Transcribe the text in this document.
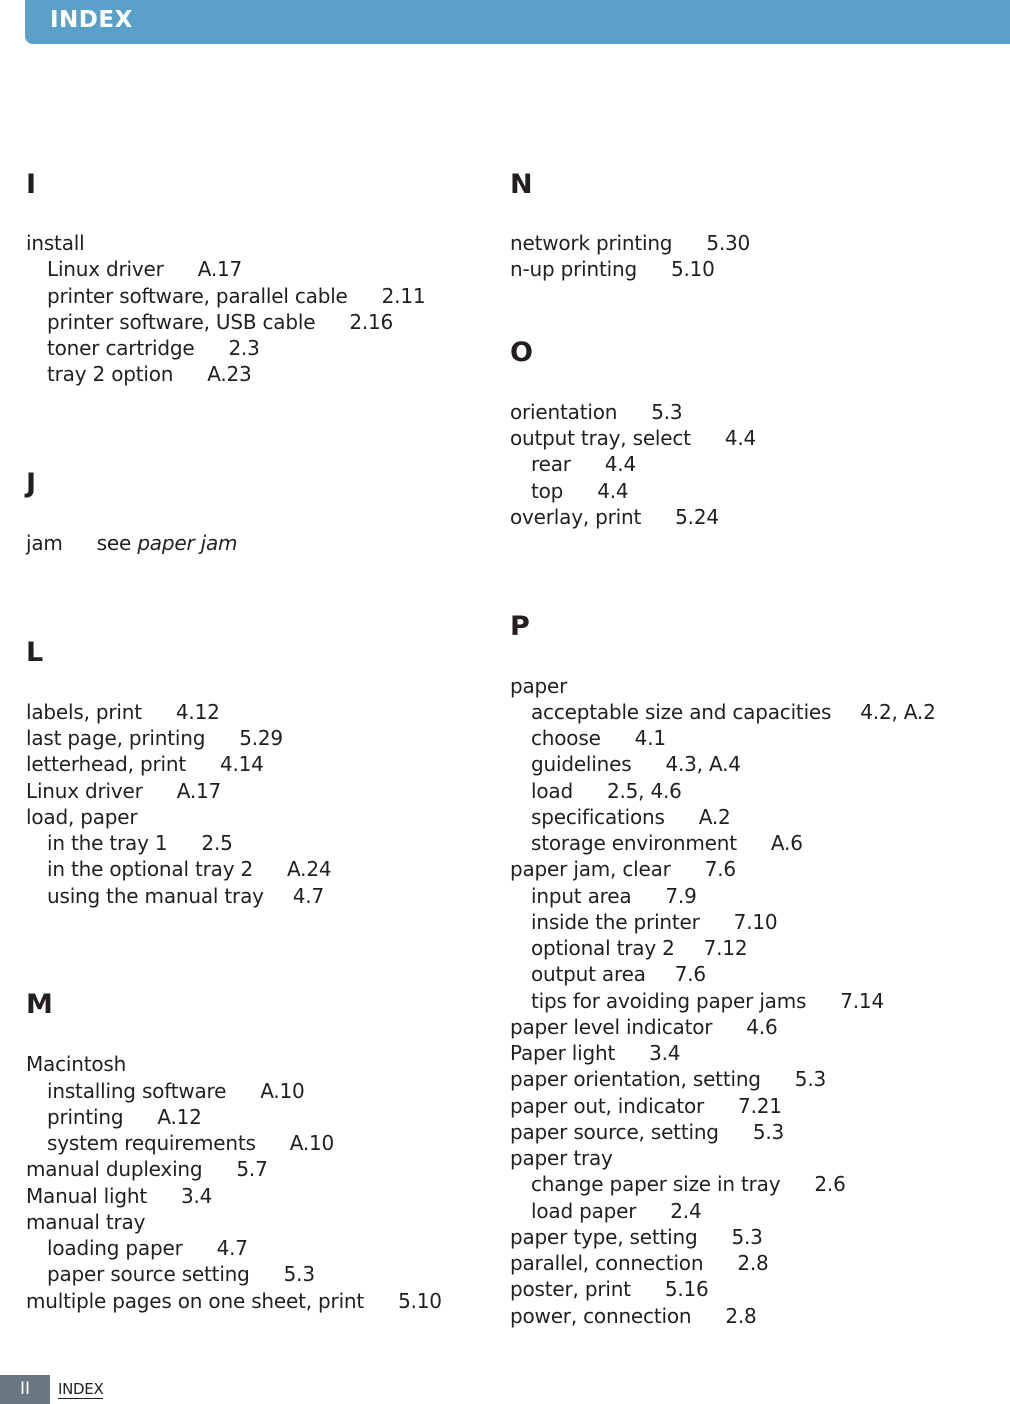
INDEX
I
install
Linux driver A.17
printer software, parallel cable 2.11
printer software, USB cable 2.16
toner cartridge 2.3
tray 2 option A.23
J
jam see paper jam
L
labels, print 4.12
last page, printing 5.29
letterhead, print 4.14
Linux driver A.17
load, paper
in the tray 1 2.5
in the optional tray 2 A.24
using the manual tray 4.7
M
Macintosh
installing software A.10
printing A.12
system requirements A.10
manual duplexing 5.7
Manual light 3.4
manual tray
loading paper 4.7
paper source setting 5.3
multiple pages on one sheet, print 5.10
N
network printing 5.30
n-up printing 5.10
O
orientation 5.3
output tray, select 4.4
rear 4.4
top 4.4
overlay, print 5.24
P
paper
acceptable size and capacities 4.2, A.2
choose 4.1
guidelines 4.3, A.4
load 2.5, 4.6
specifications A.2
storage environment A.6
paper jam, clear 7.6
input area 7.9
inside the printer 7.10
optional tray 2 7.12
output area 7.6
tips for avoiding paper jams 7.14
paper level indicator 4.6
Paper light 3.4
paper orientation, setting 5.3
paper out, indicator 7.21
paper source, setting 5.3
paper tray
change paper size in tray 2.6
load paper 2.4
paper type, setting 5.3
parallel, connection 2.8
poster, print 5.16
power, connection 2.8
II	INDEX
